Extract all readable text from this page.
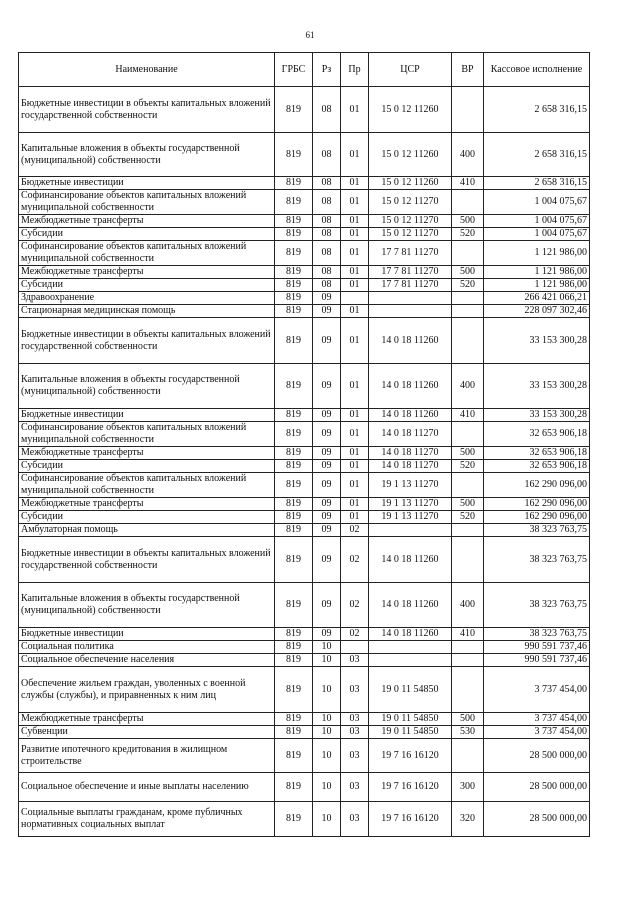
61
Наименование	ГРБС	Рз	Пр	ЦСР	ВР	Кассовое исполнение
Бюджетные инвестиции в объекты капитальных вложений государственной собственности	819	08	01	15 0 12 11260		2 658 316,15
Капитальные вложения в объекты государственной (муниципальной) собственности	819	08	01	15 0 12 11260	400	2 658 316,15
Бюджетные инвестиции	819	08	01	15 0 12 11260	410	2 658 316,15
Софинансирование объектов капитальных вложений муниципальной собственности	819	08	01	15 0 12 11270		1 004 075,67
Межбюджетные трансферты	819	08	01	15 0 12 11270	500	1 004 075,67
Субсидии	819	08	01	15 0 12 11270	520	1 004 075,67
Софинансирование объектов капитальных вложений муниципальной собственности	819	08	01	17 7 81 11270		1 121 986,00
Межбюджетные трансферты	819	08	01	17 7 81 11270	500	1 121 986,00
Субсидии	819	08	01	17 7 81 11270	520	1 121 986,00
Здравоохранение	819	09				266 421 066,21
Стационарная медицинская помощь	819	09	01			228 097 302,46
Бюджетные инвестиции в объекты капитальных вложений государственной собственности	819	09	01	14 0 18 11260		33 153 300,28
Капитальные вложения в объекты государственной (муниципальной) собственности	819	09	01	14 0 18 11260	400	33 153 300,28
Бюджетные инвестиции	819	09	01	14 0 18 11260	410	33 153 300,28
Софинансирование объектов капитальных вложений муниципальной собственности	819	09	01	14 0 18 11270		32 653 906,18
Межбюджетные трансферты	819	09	01	14 0 18 11270	500	32 653 906,18
Субсидии	819	09	01	14 0 18 11270	520	32 653 906,18
Софинансирование объектов капитальных вложений муниципальной собственности	819	09	01	19 1 13 11270		162 290 096,00
Межбюджетные трансферты	819	09	01	19 1 13 11270	500	162 290 096,00
Субсидии	819	09	01	19 1 13 11270	520	162 290 096,00
Амбулаторная помощь	819	09	02			38 323 763,75
Бюджетные инвестиции в объекты капитальных вложений государственной собственности	819	09	02	14 0 18 11260		38 323 763,75
Капитальные вложения в объекты государственной (муниципальной) собственности	819	09	02	14 0 18 11260	400	38 323 763,75
Бюджетные инвестиции	819	09	02	14 0 18 11260	410	38 323 763,75
Социальная политика	819	10				990 591 737,46
Социальное обеспечение населения	819	10	03			990 591 737,46
Обеспечение жильем граждан, уволенных с военной службы (службы), и приравненных к ним лиц	819	10	03	19 0 11 54850		3 737 454,00
Межбюджетные трансферты	819	10	03	19 0 11 54850	500	3 737 454,00
Субвенции	819	10	03	19 0 11 54850	530	3 737 454,00
Развитие ипотечного кредитования в жилищном строительстве	819	10	03	19 7 16 16120		28 500 000,00
Социальное обеспечение и иные выплаты населению	819	10	03	19 7 16 16120	300	28 500 000,00
Социальные выплаты гражданам, кроме публичных нормативных социальных выплат	819	10	03	19 7 16 16120	320	28 500 000,00
